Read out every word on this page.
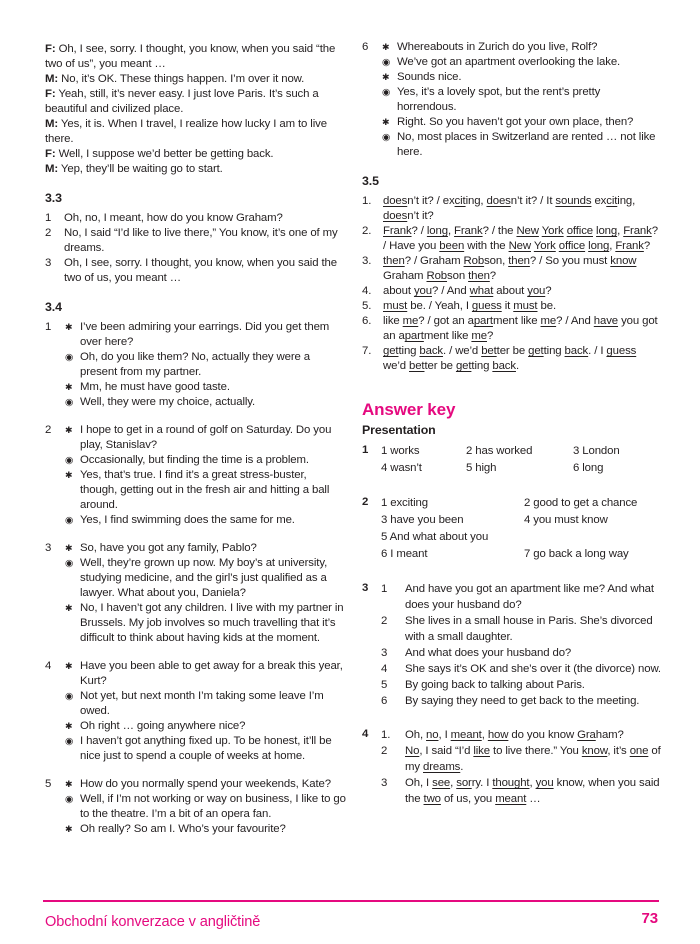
F: Oh, I see, sorry. I thought, you know, when you said “the two of us”, you meant …

M: No, it’s OK. These things happen. I’m over it now.

F: Yeah, still, it’s never easy. I just love Paris. It’s such a beautiful and civilized place.

M: Yes, it is. When I travel, I realize how lucky I am to live there.

F: Well, I suppose we’d better be getting back.

M: Yep, they’ll be waiting go to start.

3.3
1	Oh, no, I meant, how do you know Graham?
2	No, I said “I’d like to live there,” You know, it’s one of my dreams.
3	Oh, I see, sorry. I thought, you know, when you said the two of us, you meant …
3.4
1	✱ I’ve been admiring your earrings. Did you get them over here?
◉ Oh, do you like them? No, actually they were a present from my partner.
✱ Mm, he must have good taste.
◉ Well, they were my choice, actually.
2	✱ I hope to get in a round of golf on Saturday. Do you play, Stanislav?
◉ Occasionally, but finding the time is a problem.
✱ Yes, that’s true. I find it’s a great stress-buster, though, getting out in the fresh air and hitting a ball around.
◉ Yes, I find swimming does the same for me.
3	✱ So, have you got any family, Pablo?
◉ Well, they’re grown up now. My boy’s at university, studying medicine, and the girl’s just qualified as a lawyer. What about you, Daniela?
✱ No, I haven’t got any children. I live with my partner in Brussels. My job involves so much travelling that it’s difficult to think about having kids at the moment.
4	✱ Have you been able to get away for a break this year, Kurt?
◉ Not yet, but next month I’m taking some leave I’m owed.
✱ Oh right … going anywhere nice?
◉ I haven’t got anything fixed up. To be honest, it’ll be nice just to spend a couple of weeks at home.
5	✱ How do you normally spend your weekends, Kate?
◉ Well, if I’m not working or way on business, I like to go to the theatre. I’m a bit of an opera fan.
✱ Oh really? So am I. Who’s your favourite?
6	✱ Whereabouts in Zurich do you live, Rolf?
◉ We’ve got an apartment overlooking the lake.
✱ Sounds nice.
◉ Yes, it’s a lovely spot, but the rent’s pretty horrendous.
✱ Right. So you haven’t got your own place, then?
◉ No, most places in Switzerland are rented … not like here.
3.5
1.	doesn’t it? / exciting, doesn’t it? / It sounds exciting, doesn’t it?
2.	Frank? / long, Frank? / the New York office long, Frank? / Have you been with the New York office long, Frank?
3.	then? / Graham Robson, then? / So you must know Graham Robson then?
4.	about you? / And what about you?
5.	must be. / Yeah, I guess it must be.
6.	like me? / got an apartment like me? / And have you got an apartment like me?
7.	getting back. / we’d better be getting back. / I guess we’d better be getting back.
Answer key
Presentation
1	1 works	2 has worked	3 London
4 wasn’t	5 high	6 long
2	1 exciting	2 good to get a chance
3 have you been	4 you must know
5 And what about you
6 I meant	7 go back a long way
3	1	And have you got an apartment like me? And what does your husband do?
2	She lives in a small house in Paris. She’s divorced with a small daughter.
3	And what does your husband do?
4	She says it’s OK and she’s over it (the divorce) now.
5	By going back to talking about Paris.
6	By saying they need to get back to the meeting.
4	1.	Oh, no, I meant, how do you know Graham?
2	No, I said “I’d like to live there.” You know, it’s one of my dreams.
3	Oh, I see, sorry. I thought, you know, when you said the two of us, you meant …
Obchodní konverzace v angličtině	73
